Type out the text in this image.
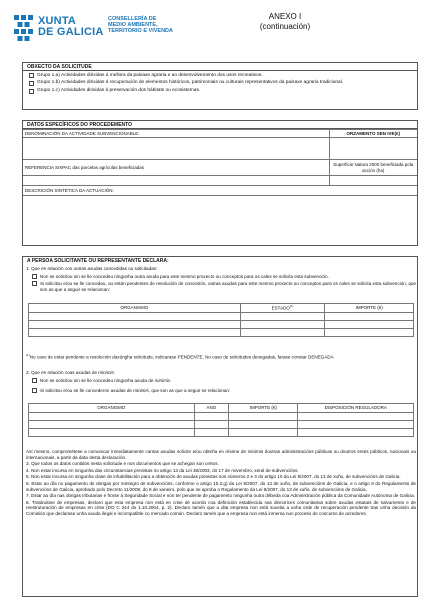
XUNTA
DE GALICIA
CONSELLERÍA DE
MEDIO AMBIENTE,
TERRITORIO E VIVENDA
ANEXO I
(continuación)
OBXECTO DA SOLICITUDE
Grupo 1.a) Actividades dirixidas á mellora da paisaxe agraria e ao desenvolvemento dos usos recreativos.
Grupo 1.b) Actividades dirixidas á recuperación de elementos históricos, patrimoniais ou culturais representativos da paisaxe agraria tradicional.
Grupo 1.c) Actividades dirixidas á preservación dos hábitats ou ecosistemas.
DATOS ESPECÍFICOS DO PROCEDEMENTO
DENOMINACIÓN DA ACTIVIDADE SUBVENCIONABLE:	ORZAMENTO SEN IVE(€)

REFERENCIA SIXPAC das parcelas agrícolas beneficiadas	Superficie Natura 2000 beneficiada pola acción (ha)

DESCRICIÓN SINTÉTICA DA ACTUACIÓN:	

A PERSOA SOLICITANTE OU REPRESENTANTE DECLARA:
1. Que en relación con outras axudas concedidas ou solicitadas:
Non se solicitou nin se lle concedeu ningunha outra axuda para este mesmo proxecto ou conceptos para os cales se solicita esta subvención.
Si solicitou e/ou se lle concedeu, ou están pendentes de resolución de concesión, outras axudas para este mesmo proxecto ou conceptos para os cales se solicita esta subvención, que son as que a seguir se relacionan:
ORGANISMO	ESTADO$^{(1)}$	IMPORTE (€)

$^{(1)}$No caso de estar pendente a resolución daxúngha solicitude, indicarase PENDENTE. No caso de solicitudes denegadas, farase constar DENEGADA
2. Que en relación coas axudas de minimis:
Non se solicitou nin se lle concedeu ningunha axuda de minimis.
Si solicitou e/ou se lle concederon axudas de minimis, que son as que a seguir se relacionan:
ORGANISMO	ANO	IMPORTE (€)	DISPOSICIÓN REGULADORA

Así mesmo, comprométese a comunicar inmediatamente cantas axudas solicite e/ou obteña en réxime de minimis doutras administracións públicas ou doutros entes públicos, nacionais ou internacionais, a partir da data desta declaración.
3. Que todos os datos contidos nesta solicitude e nos documentos que se achegan son certos.
4. Non estar incursa en ningunha das circunstancias previstas no artigo 13 da Lei 38/2003, do 17 de novembro, xeral de subvencións.
5. Non estar incursa en ningunha clase de inhabilitación para a obtención de axudas previstas nos números 2 e 3 do artigo 10 da Lei 9/2007, do 13 de xuño, de subvencións de Galicia.
6. Estar ao día no pagamento de obrigas por reintegro de subvencións, conforme o artigo 10.2.g) da Lei 9/2007, do 13 de xuño, de subvencións de Galicia, e o artigo 9 do Regulamento de subvencións de Galicia, aprobado polo Decreto 11/2009, do 8 de xaneiro, polo que se aproba o Regulamento da Lei 9/2007, do 13 de xuño, de subvencións de Galicia.
7. Estar ao día nas obrigas tributarias e fronte á Seguridade Social e non ter pendente de pagamento ningunha outra débeda coa Administración pública da Comunidade Autónoma de Galicia.
8. Tratándose de empresas, declaro que esta empresa non está en crise de acordo coa definición establecida nas directrices comunitarias sobre axudas estatais de salvamento e de reestruturación de empresas en crise (DO C 244 do 1.10.2004, p. 2). Declaro tamén que a dita empresa non está suxeita a unha orde de recuperación pendente tras unha decisión da Comisión que declarase unha axuda ilegal e incompatible co mercado común. Declaro tamén que a empresa non está inmersa nun proceso de concurso de acredores.
